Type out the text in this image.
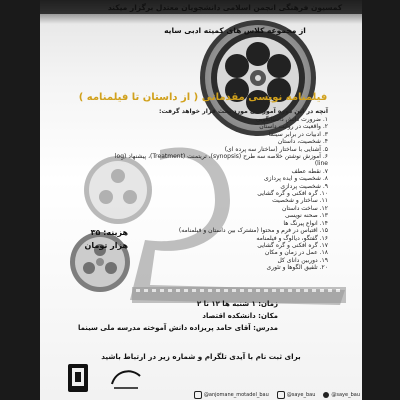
کمسیون فرهنگی انجمن اسلامی دانشجویان معتدل برگزار میکند
از مجموعه کلاس های کمیته ادبی سایه
فیلمنامه نویسی مقدماتی ( از داستان تا فیلمنامه )
آنچه در این دوره آموزشی مورد بحث قرار خواهد گرفت:
۱. ضرورت دانش داستانگویی
۲. واقعیت در روایت داستان
۳. ادبیات در برابر سینما
۴. شخصیت، داستان
۵. آشنایی با ساختار (ساختار سه پرده ای)
۶. آموزش نوشتن خلاصه سه طرح (synopsis)، تریتمنت (Treatment)، پیشنهاد (log line)
۷. نقطه عطف
۸. شخصیت و ایده پردازی
۹. شخصیت پردازی
۱۰. گره افکنی و گره گشایی
۱۱. ساختار و شخصیت
۱۲. ساخت داستان
۱۳. صحنه نویسی
۱۴. انواع پیرنگ ها
۱۵. اقتباس در فرم و محتوا (مشترک بین داستان و فیلمنامه)
۱۶. گفتگو، دیالوگ و فیلمنامه
۱۷. گره افکنی و گره گشایی
۱۸. عمل در زمان و مکان
۱۹. دوربین دانای کل
۲۰. تلفیق الگوها و تئوری
هزینه: ۳۵
هزار تومان
زمان: ۱ شنبه ها ۱۲ تا ۲
مکان: دانشکده اقتصاد
مدرس: آقای حامد پریزاده دانش آموخته مدرسه ملی سینما
برای ثبت نام با آیدی تلگرام و شماره زیر در ارتباط باشید
@anjomane_motadel_bau	@saye_bau	@saye_bau
